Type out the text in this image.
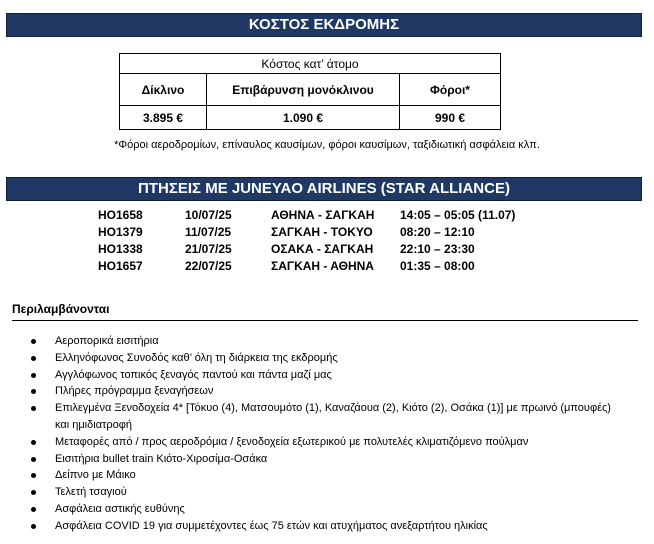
ΚΟΣΤΟΣ ΕΚΔΡΟΜΗΣ
Κόστος κατ’ άτομο		
Δίκλινο	Επιβάρυνση μονόκλινου	Φόροι*
3.895 €	1.090 €	990 €
*Φόροι αεροδρομίων, επίναυλος καυσίμων, φόροι καυσίμων, ταξιδιωτική ασφάλεια κλπ.
ΠΤΗΣΕΙΣ ΜΕ JUNEYAO AIRLINES (STAR ALLIANCE)
HO1658	10/07/25	ΑΘΗΝΑ - ΣΑΓΚΑΗ	14:05 – 05:05 (11.07)
HO1379	11/07/25	ΣΑΓΚΑΗ - ΤΟΚΥΟ	08:20 – 12:10
HO1338	21/07/25	ΟΣΑΚΑ - ΣΑΓΚΑΗ	22:10 – 23:30
HO1657	22/07/25	ΣΑΓΚΑΗ - ΑΘΗΝΑ	01:35 – 08:00
Περιλαμβάνονται
Αεροπορικά εισιτήρια
Ελληνόφωνος Συνοδός καθ’ όλη τη διάρκεια της εκδρομής
Αγγλόφωνος τοπικός ξεναγός παντού και πάντα μαζί μας
Πλήρες πρόγραμμα ξεναγήσεων
Επιλεγμένα Ξενοδοχεία 4* [Τόκυο (4), Ματσουμότο (1), Καναζάουα (2), Κιότο (2), Οσάκα (1)] με πρωινό (μπουφές) και ημιδιατροφή
Μεταφορές από / προς αεροδρόμια / ξενοδοχεία εξωτερικού με πολυτελές κλιματιζόμενο πούλμαν
Εισιτήρια bullet train Κιότο-Χιροσίμα-Οσάκα
Δείπνο με Μάικο
Τελετή τσαγιού
Ασφάλεια αστικής ευθύνης
Ασφάλεια COVID 19 για συμμετέχοντες έως 75 ετών και ατυχήματος ανεξαρτήτου ηλικίας
